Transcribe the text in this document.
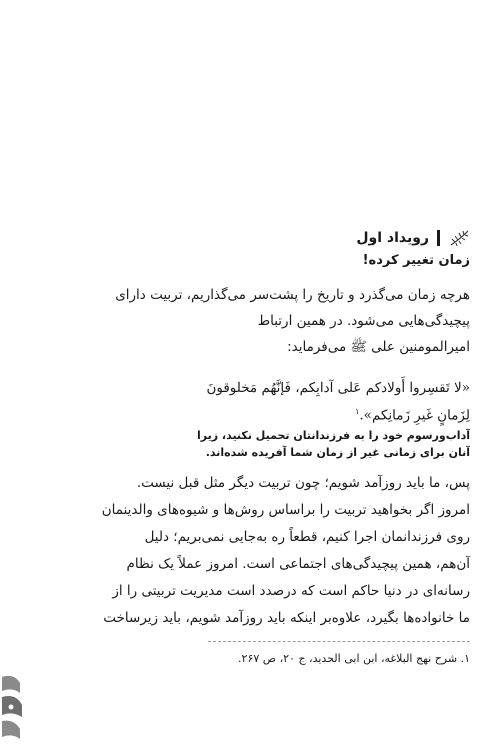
رویداد اول
زمان تغییر کرده!

هرچه زمان می‌گذرد و تاریخ را پشت‌سر می‌گذاریم، تربیت دارای

پیچیدگی‌هایی می‌شود. در همین ارتباط

امیرالمومنین علی ﷺ می‌فرماید:

«لا تَقسِروا أَولادكم عَلى آدابِكم، فَإنَّهُم مَخلوقونَ

لِزَمانٍ غَيرِ زَمانِكم».$^۱$

آداب‌ورسوم خود را به فرزندانتان تحمیل نکنید، زیرا

آنان برای زمانی غیر از زمان شما آفریده شده‌اند.

پس، ما باید روزآمد شویم؛ چون تربیت دیگر مثل قبل نیست.

امروز اگر بخواهید تربیت را براساس روش‌ها و شیوه‌های والدینمان

روی فرزندانمان اجرا کنیم، قطعاً ره به‌جایی نمی‌بریم؛ دلیل

آن‌هم، همین پیچیدگی‌های اجتماعی است. امروز عملاً یک نظام

رسانه‌ای در دنیا حاکم است که درصدد است مدیریت تربیتی را از

ما خانواده‌ها بگیرد، علاوه‌بر اینکه باید روزآمد شویم، باید زیرساخت

۱. شرح نهج البلاغه، ابن ابی الحدید، ج ۲۰، ص ۲۶۷.
